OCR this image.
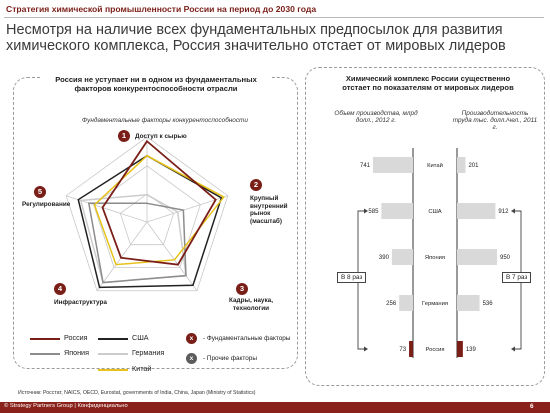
Стратегия химической промышленности России на период до 2030 года
Несмотря на наличие всех фундаментальных предпосылок для развития химического комплекса, Россия значительно отстает от мировых лидеров
Россия не уступает ни в одном из фундаментальных факторов конкурентоспособности отрасли
Фундаментальные факторы конкурентоспособности
1	Доступ к сырью
2
Крупный внутренний рынок (масштаб)
3
Кадры, наука, технологии
4
Инфраструктура
5
Регулирование
Россия	США
Япония	Германия
Китай
x	- Фундаментальные факторы
x	- Прочие факторы
Химический комплекс России существенно отстает по показателям от мировых лидеров
Объем производства, млрд долл., 2012 г.
Производительность труда тыс. долл./чел., 2011 г.
741	201
Китай
585	912
США
390	950
Япония
256	536
Германия
73	139
Россия
В 8 раз	В 7 раз
Источник: Росстат, NAICS, OECD, Eurostat, governments of India, China, Japan (Ministry of Statistics)
© Strategy Partners Group | Конфиденциально	6
